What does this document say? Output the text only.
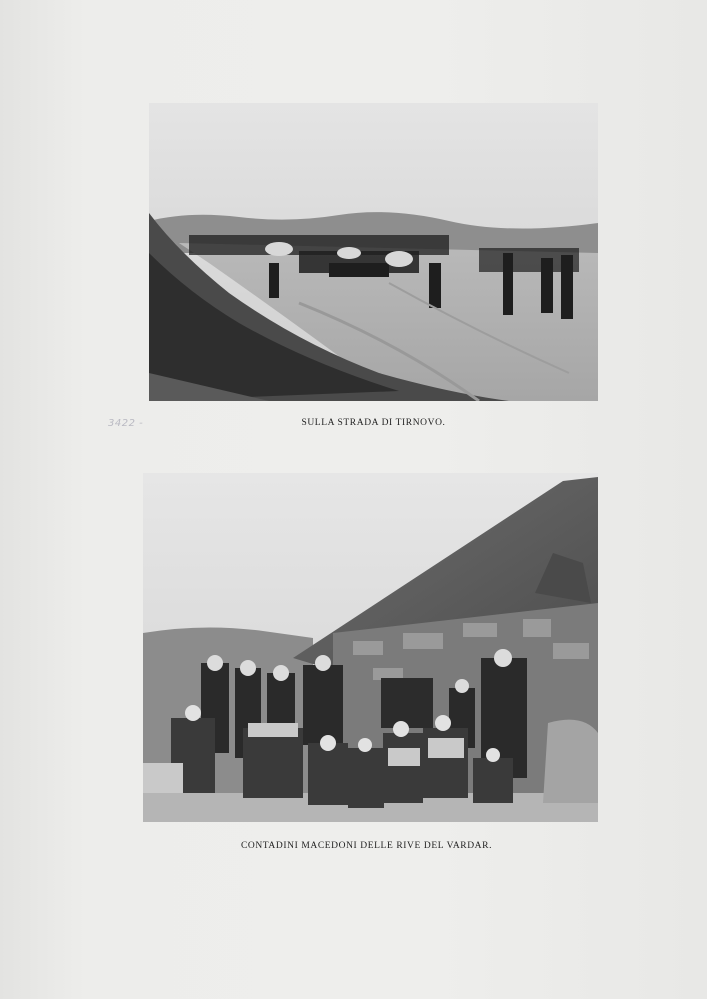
SULLA STRADA DI TIRNOVO.
3422 -
CONTADINI MACEDONI DELLE RIVE DEL VARDAR.
